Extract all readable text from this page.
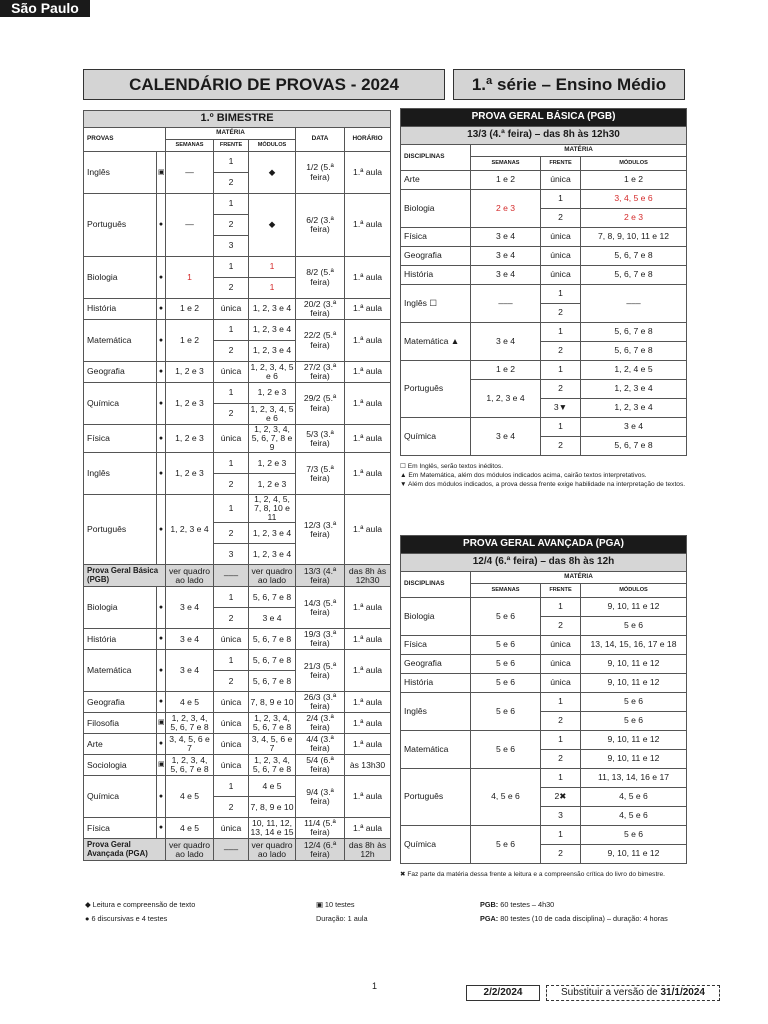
São Paulo
CALENDÁRIO DE PROVAS - 2024	1.ª série – Ensino Médio
1.º BIMESTRE						
PROVAS		MATÉRIA			DATA	HORÁRIO
		SEMANAS	FRENTE	MÓDULOS		
Inglês	▣	—	1	◆	1/2 (5.ª feira)	1.ª aula
			2			
Português	●	—	1	◆	6/2 (3.ª feira)	1.ª aula
			2			
			3			
Biologia	●	1	1	1	8/2 (5.ª feira)	1.ª aula
			2	1		
História	●	1 e 2	única	1, 2, 3 e 4	20/2 (3.ª feira)	1.ª aula
Matemática	●	1 e 2	1	1, 2, 3 e 4	22/2 (5.ª feira)	1.ª aula
			2	1, 2, 3 e 4		
Geografia	●	1, 2 e 3	única	1, 2, 3, 4, 5 e 6	27/2 (3.ª feira)	1.ª aula
Química	●	1, 2 e 3	1	1, 2 e 3	29/2 (5.ª feira)	1.ª aula
			2	1, 2, 3, 4, 5 e 6		
Física	●	1, 2 e 3	única	1, 2, 3, 4, 5, 6, 7, 8 e 9	5/3 (3.ª feira)	1.ª aula
Inglês	●	1, 2 e 3	1	1, 2 e 3	7/3 (5.ª feira)	1.ª aula
			2	1, 2 e 3		
Português	●	1, 2, 3 e 4	1	1, 2, 4, 5, 7, 8, 10 e 11	12/3 (3.ª feira)	1.ª aula
			2	1, 2, 3 e 4		
			3	1, 2, 3 e 4		
Prova Geral Básica (PGB)		ver quadro ao lado	–––	ver quadro ao lado	13/3 (4.ª feira)	das 8h às 12h30
Biologia	●	3 e 4	1	5, 6, 7 e 8	14/3 (5.ª feira)	1.ª aula
			2	3 e 4		
História	●	3 e 4	única	5, 6, 7 e 8	19/3 (3.ª feira)	1.ª aula
Matemática	●	3 e 4	1	5, 6, 7 e 8	21/3 (5.ª feira)	1.ª aula
			2	5, 6, 7 e 8		
Geografia	●	4 e 5	única	7, 8, 9 e 10	26/3 (3.ª feira)	1.ª aula
Filosofia	▣	1, 2, 3, 4, 5, 6, 7 e 8	única	1, 2, 3, 4, 5, 6, 7 e 8	2/4 (3.ª feira)	1.ª aula
Arte	●	3, 4, 5, 6 e 7	única	3, 4, 5, 6 e 7	4/4 (3.ª feira)	1.ª aula
Sociologia	▣	1, 2, 3, 4, 5, 6, 7 e 8	única	1, 2, 3, 4, 5, 6, 7 e 8	5/4 (6.ª feira)	às 13h30
Química	●	4 e 5	1	4 e 5	9/4 (3.ª feira)	1.ª aula
			2	7, 8, 9 e 10		
Física	●	4 e 5	única	10, 11, 12, 13, 14 e 15	11/4 (5.ª feira)	1.ª aula
Prova Geral Avançada (PGA)		ver quadro ao lado	–––	ver quadro ao lado	12/4 (6.ª feira)	das 8h às 12h
PROVA GERAL BÁSICA (PGB)			
13/3 (4.ª feira) – das 8h às 12h30			
DISCIPLINAS	MATÉRIA		
	SEMANAS	FRENTE	MÓDULOS
Arte	1 e 2	única	1 e 2
Biologia	2 e 3	1	3, 4, 5 e 6
		2	2 e 3
Física	3 e 4	única	7, 8, 9, 10, 11 e 12
Geografia	3 e 4	única	5, 6, 7 e 8
História	3 e 4	única	5, 6, 7 e 8
Inglês ☐	–––	1	–––
		2	
Matemática ▲	3 e 4	1	5, 6, 7 e 8
		2	5, 6, 7 e 8
Português	1 e 2	1	1, 2, 4 e 5
	1, 2, 3 e 4	2	1, 2, 3 e 4
		3▼	1, 2, 3 e 4
Química	3 e 4	1	3 e 4
		2	5, 6, 7 e 8
☐ Em Inglês, serão textos inéditos.
▲ Em Matemática, além dos módulos indicados acima, cairão textos interpretativos.
▼ Além dos módulos indicados, a prova dessa frente exige habilidade na interpretação de textos.
PROVA GERAL AVANÇADA (PGA)			
12/4 (6.ª feira) – das 8h às 12h			
DISCIPLINAS	MATÉRIA		
	SEMANAS	FRENTE	MÓDULOS
Biologia	5 e 6	1	9, 10, 11 e 12
		2	5 e 6
Física	5 e 6	única	13, 14, 15, 16, 17 e 18
Geografia	5 e 6	única	9, 10, 11 e 12
História	5 e 6	única	9, 10, 11 e 12
Inglês	5 e 6	1	5 e 6
		2	5 e 6
Matemática	5 e 6	1	9, 10, 11 e 12
		2	9, 10, 11 e 12
Português	4, 5 e 6	1	11, 13, 14, 16 e 17
		2✖	4, 5 e 6
		3	4, 5 e 6
Química	5 e 6	1	5 e 6
		2	9, 10, 11 e 12
✖ Faz parte da matéria dessa frente a leitura e a compreensão crítica do livro do bimestre.
◆ Leitura e compreensão de texto
● 6 discursivas e 4 testes
▣ 10 testes
Duração: 1 aula
PGB: 60 testes – 4h30
PGA: 80 testes (10 de cada disciplina) – duração: 4 horas
1
2/2/2024	Substituir a versão de 31/1/2024
